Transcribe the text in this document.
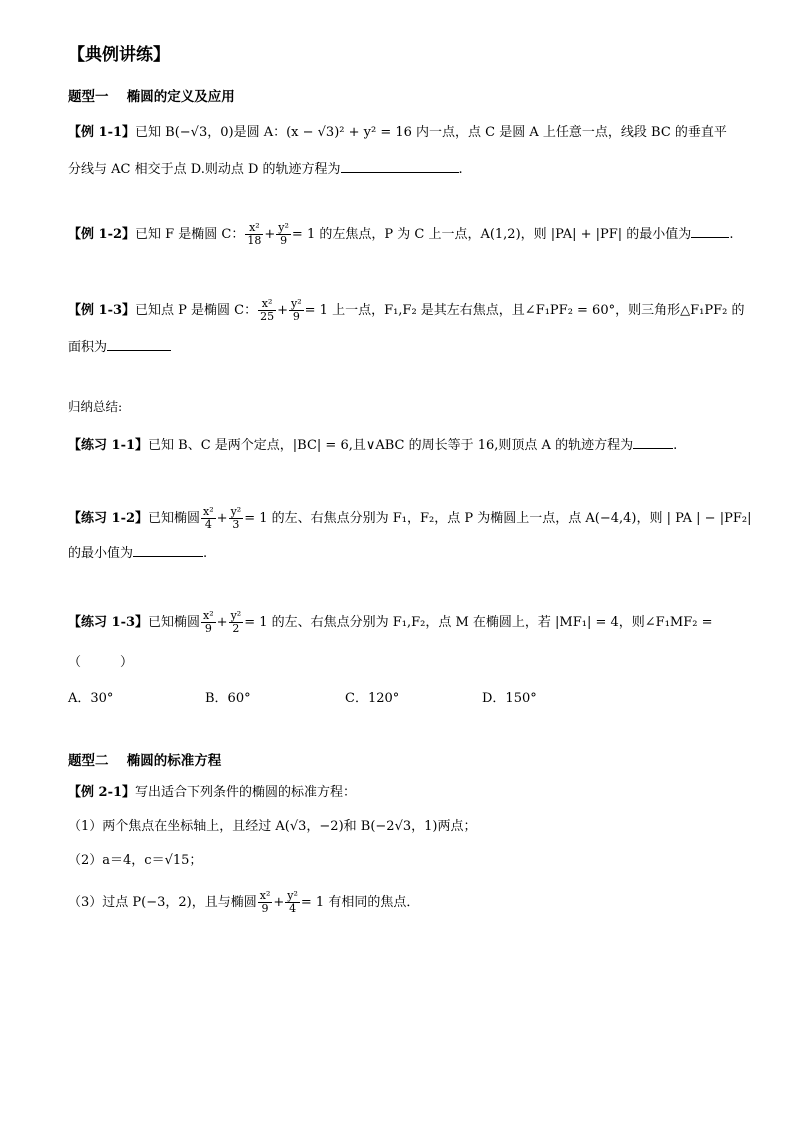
【典例讲练】
题型一　 椭圆的定义及应用
【例 1-1】已知 B(−√3，0)是圆 A：(x − √3)² + y² = 16 内一点，点 C 是圆 A 上任意一点，线段 BC 的垂直平
分线与 AC 相交于点 D.则动点 D 的轨迹方程为	.
【例 1-2】已知 F 是椭圆 C： $\frac{\text{x²}}{18} + \frac{\text{y²}}{9} = 1$ 的左焦点，P 为 C 上一点，A(1,2)，则 |PA| + |PF| 的最小值为	.
【例 1-3】已知点 P 是椭圆 C： $\frac{\text{x²}}{25} + \frac{\text{y²}}{9} = 1$ 上一点，F₁,F₂ 是其左右焦点，且∠F₁PF₂ = 60°，则三角形△F₁PF₂ 的
面积为
归纳总结:
【练习 1-1】已知 B、C 是两个定点，|BC| = 6,且∨ABC 的周长等于 16,则顶点 A 的轨迹方程为	.
【练习 1-2】已知椭圆 $\frac{\text{x²}}{4} + \frac{\text{y²}}{3} = 1$ 的左、右焦点分别为 F₁，F₂，点 P 为椭圆上一点，点 A(−4,4)，则 | PA | − |PF₂|
的最小值为	.
【练习 1-3】已知椭圆 $\frac{\text{x²}}{9} + \frac{\text{y²}}{2} = 1$ 的左、右焦点分别为 F₁,F₂，点 M 在椭圆上，若 |MF₁| = 4，则∠F₁MF₂ =
（　　　）
A．30°	B．60°	C．120°	D．150°
题型二　 椭圆的标准方程
【例 2-1】写出适合下列条件的椭圆的标准方程：
（1）两个焦点在坐标轴上，且经过 A(√3，−2)和 B(−2√3，1)两点；
（2）a＝4，c＝√15；
（3）过点 P(−3，2)，且与椭圆 $\frac{\text{x²}}{9} + \frac{\text{y²}}{4} = 1$ 有相同的焦点．
